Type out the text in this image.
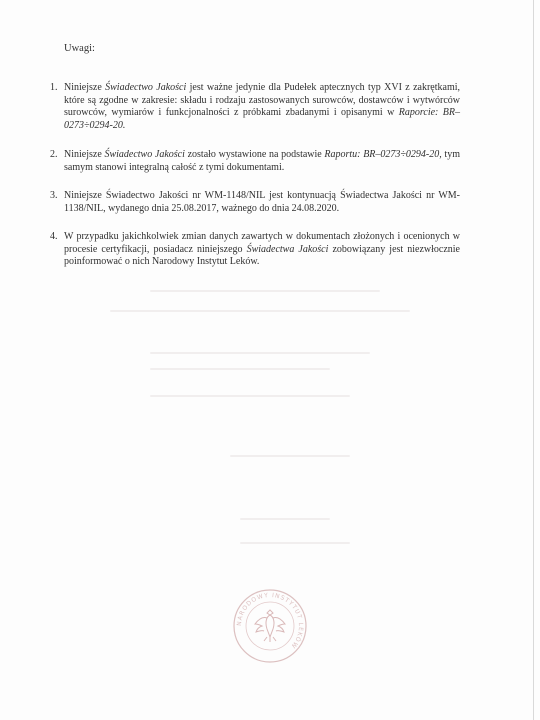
Uwagi:
1. Niniejsze Świadectwo Jakości jest ważne jedynie dla Pudełek aptecznych typ XVI z zakrętkami, które są zgodne w zakresie: składu i rodzaju zastosowanych surowców, dostawców i wytwórców surowców, wymiarów i funkcjonalności z próbkami zbadanymi i opisanymi w Raporcie: BR–0273÷0294-20.
2. Niniejsze Świadectwo Jakości zostało wystawione na podstawie Raportu: BR–0273÷0294-20, tym samym stanowi integralną całość z tymi dokumentami.
3. Niniejsze Świadectwo Jakości nr WM-1148/NIL jest kontynuacją Świadectwa Jakości nr WM-1138/NIL, wydanego dnia 25.08.2017, ważnego do dnia 24.08.2020.
4. W przypadku jakichkolwiek zmian danych zawartych w dokumentach złożonych i ocenionych w procesie certyfikacji, posiadacz niniejszego Świadectwa Jakości zobowiązany jest niezwłocznie poinformować o nich Narodowy Instytut Leków.
NARODOWY INSTYTUT LEKÓW
